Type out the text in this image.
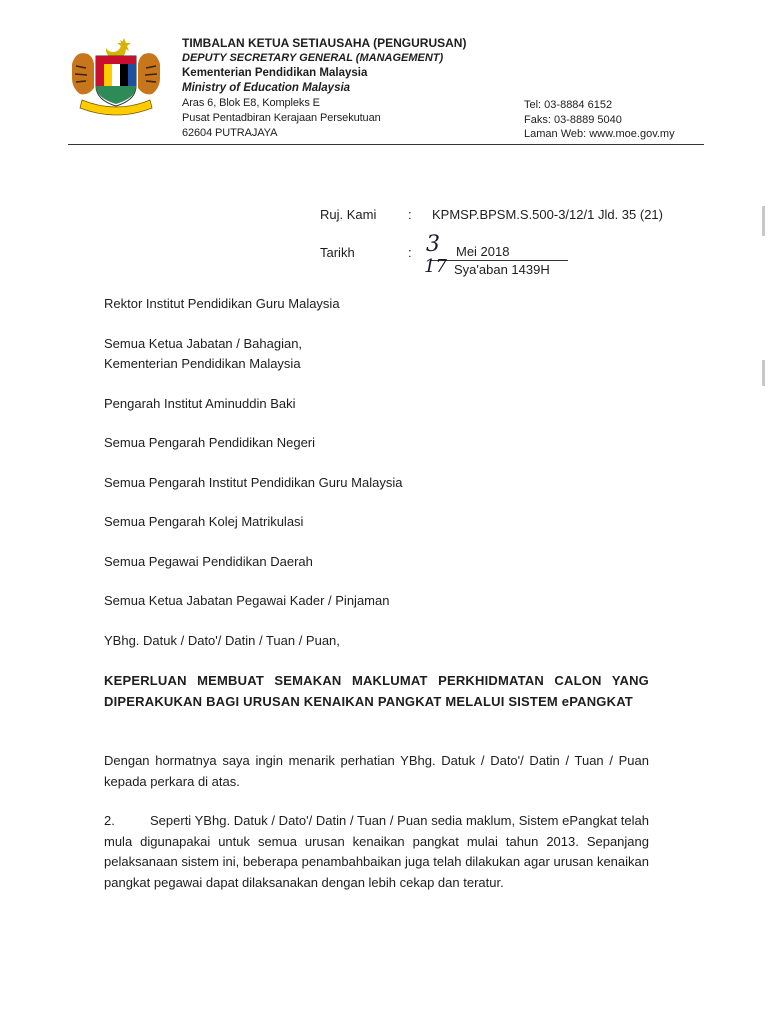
TIMBALAN KETUA SETIAUSAHA (PENGURUSAN)
DEPUTY SECRETARY GENERAL (MANAGEMENT)
Kementerian Pendidikan Malaysia
Ministry of Education Malaysia
Aras 6, Blok E8, Kompleks E
Pusat Pentadbiran Kerajaan Persekutuan
62604 PUTRAJAYA
Tel: 03-8884 6152
Faks: 03-8889 5040
Laman Web: www.moe.gov.my
Ruj. Kami : KPMSP.BPSM.S.500-3/12/1 Jld. 35 (21)
Tarikh	: 3 Mei 2018
17 Sya'aban 1439H
Rektor Institut Pendidikan Guru Malaysia
Semua Ketua Jabatan / Bahagian,
Kementerian Pendidikan Malaysia
Pengarah Institut Aminuddin Baki
Semua Pengarah Pendidikan Negeri
Semua Pengarah Institut Pendidikan Guru Malaysia
Semua Pengarah Kolej Matrikulasi
Semua Pegawai Pendidikan Daerah
Semua Ketua Jabatan Pegawai Kader / Pinjaman
YBhg. Datuk / Dato'/ Datin / Tuan / Puan,
KEPERLUAN MEMBUAT SEMAKAN MAKLUMAT PERKHIDMATAN CALON YANG DIPERAKUKAN BAGI URUSAN KENAIKAN PANGKAT MELALUI SISTEM ePANGKAT
Dengan hormatnya saya ingin menarik perhatian YBhg. Datuk / Dato'/ Datin / Tuan / Puan kepada perkara di atas.
2.	Seperti YBhg. Datuk / Dato'/ Datin / Tuan / Puan sedia maklum, Sistem ePangkat telah mula digunapakai untuk semua urusan kenaikan pangkat mulai tahun 2013. Sepanjang pelaksanaan sistem ini, beberapa penambahbaikan juga telah dilakukan agar urusan kenaikan pangkat pegawai dapat dilaksanakan dengan lebih cekap dan teratur.
